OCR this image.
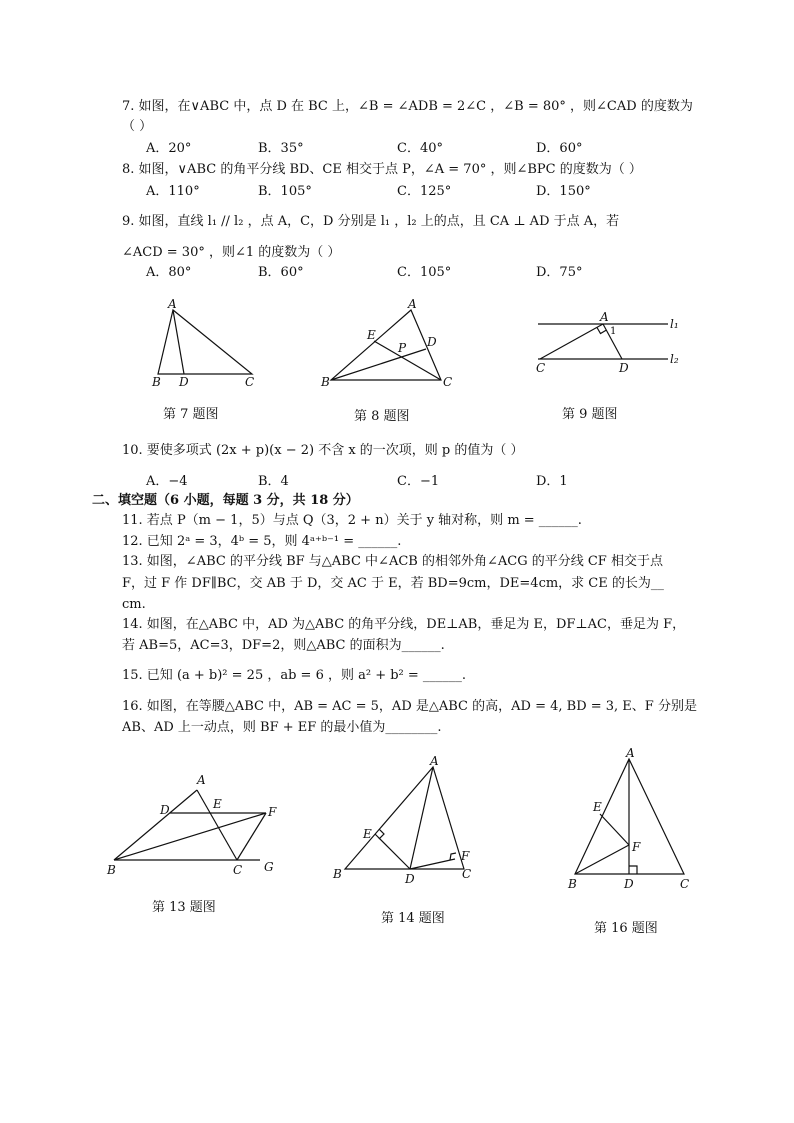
7. 如图，在∨ABC 中，点 D 在 BC 上，∠B = ∠ADB = 2∠C ，∠B = 80° ，则∠CAD 的度数为
（ ）
A．20°	B．35°	C．40°	D．60°
8. 如图，∨ABC 的角平分线 BD、CE 相交于点 P，∠A = 70° ，则∠BPC 的度数为（ ）
A．110°	B．105°	C．125°	D．150°
9. 如图，直线 l₁ // l₂ ，点 A，C，D 分别是 l₁ ，l₂ 上的点，且 CA ⊥ AD 于点 A，若
∠ACD = 30° ，则∠1 的度数为（ ）
A．80°	B．60°	C．105°	D．75°
A
B D	C
A
E
P D
B	C
A
1
l₁
l₂
C	D
第 7 题图	第 8 题图	第 9 题图
10. 要使多项式 (2x + p)(x − 2) 不含 x 的一次项，则 p 的值为（ ）
A．−4	B．4	C．−1	D．1
二、填空题（6 小题，每题 3 分，共 18 分）
11. 若点 P（m − 1，5）与点 Q（3，2 + n）关于 y 轴对称，则 m = ______.
12. 已知 2ᵃ = 3，4ᵇ = 5，则 4ᵃ⁺ᵇ⁻¹ = ______.
13. 如图，∠ABC 的平分线 BF 与△ABC 中∠ACB 的相邻外角∠ACG 的平分线 CF 相交于点
F，过 F 作 DF∥BC，交 AB 于 D，交 AC 于 E，若 BD=9cm，DE=4cm，求 CE 的长为__
cm.
14. 如图，在△ABC 中，AD 为△ABC 的角平分线，DE⊥AB，垂足为 E，DF⊥AC，垂足为 F，
若 AB=5，AC=3，DF=2，则△ABC 的面积为______.
15. 已知 (a + b)² = 25 ，ab = 6 ，则 a² + b² = ______.
16. 如图，在等腰△ABC 中，AB = AC = 5，AD 是△ABC 的高，AD = 4, BD = 3, E、F 分别是
AB、AD 上一动点，则 BF + EF 的最小值为________.
A
D	E
F
B	C G
A
E
F
B	D	C
A
E
F
B	D	C
第 13 题图
第 14 题图
第 16 题图
